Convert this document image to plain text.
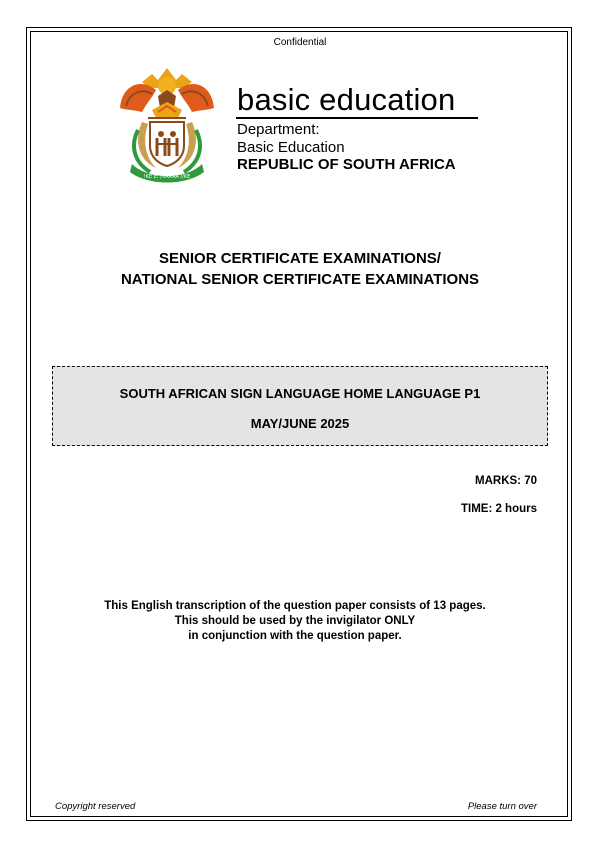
Confidential
!KE E: /XARRA //KE
basic education
Department:
Basic Education
REPUBLIC OF SOUTH AFRICA
SENIOR CERTIFICATE EXAMINATIONS/
NATIONAL SENIOR CERTIFICATE EXAMINATIONS
SOUTH AFRICAN SIGN LANGUAGE HOME LANGUAGE P1
MAY/JUNE 2025
MARKS: 70
TIME: 2 hours
This English transcription of the question paper consists of 13 pages.
This should be used by the invigilator ONLY
in conjunction with the question paper.
Copyright reserved	Please turn over
